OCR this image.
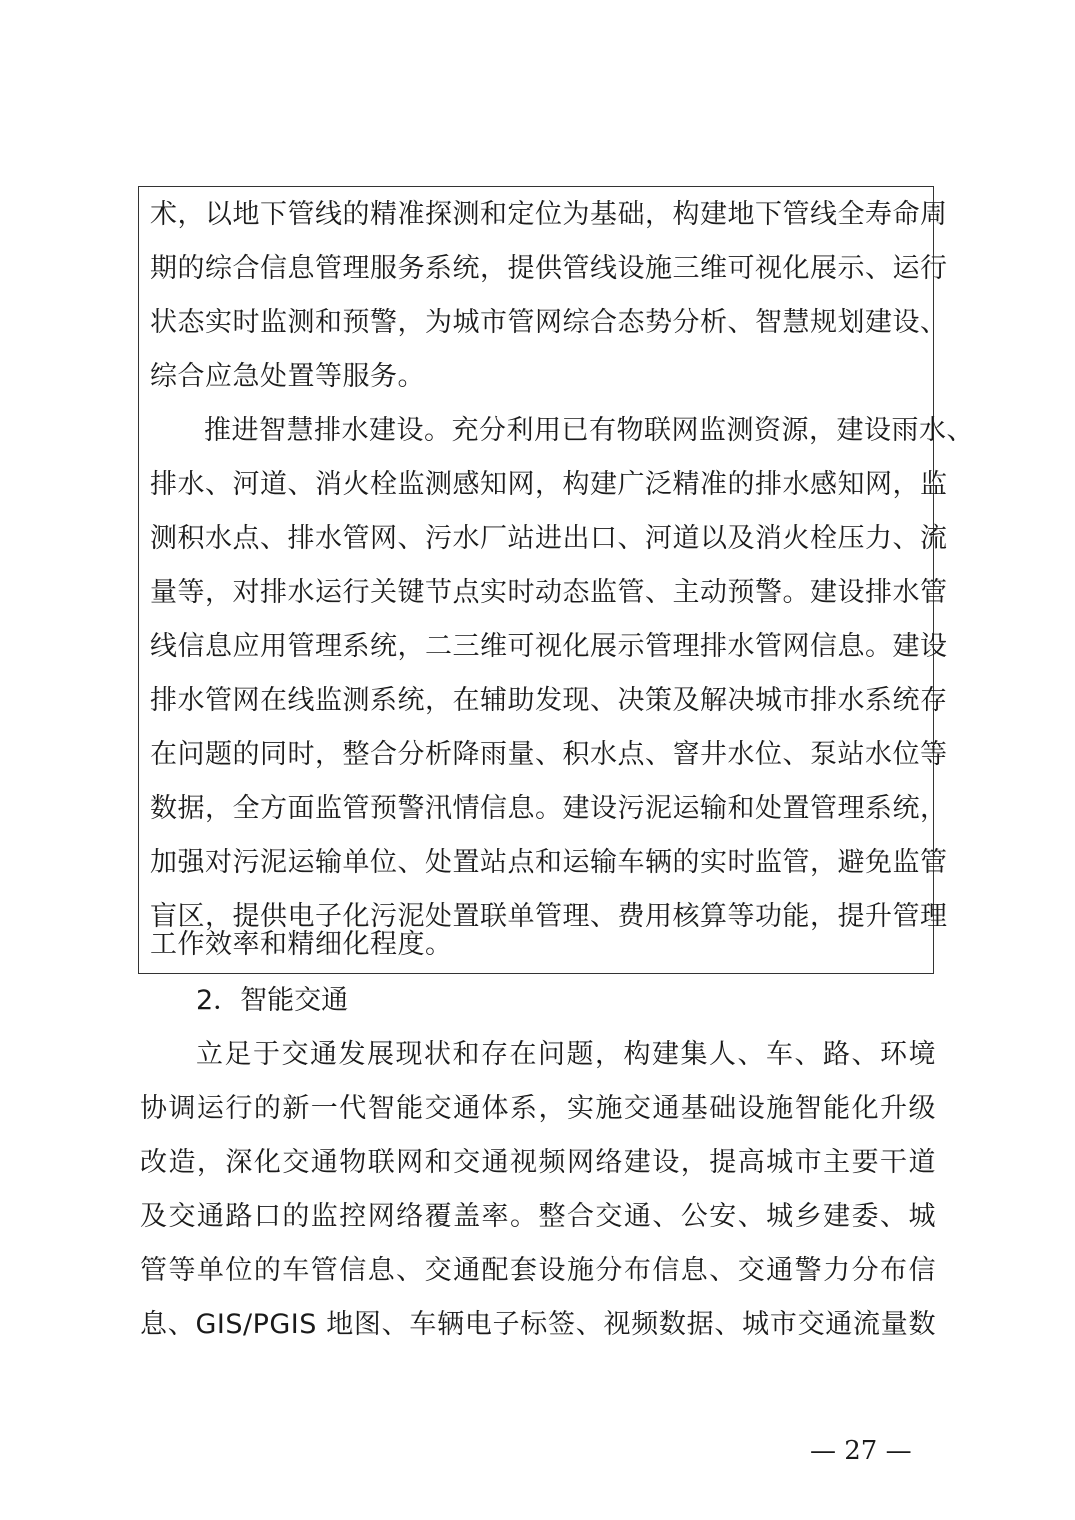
术，以地下管线的精准探测和定位为基础，构建地下管线全寿命周
期的综合信息管理服务系统，提供管线设施三维可视化展示、运行
状态实时监测和预警，为城市管网综合态势分析、智慧规划建设、
综合应急处置等服务。
推进智慧排水建设。充分利用已有物联网监测资源，建设雨水、
排水、河道、消火栓监测感知网，构建广泛精准的排水感知网，监
测积水点、排水管网、污水厂站进出口、河道以及消火栓压力、流
量等，对排水运行关键节点实时动态监管、主动预警。建设排水管
线信息应用管理系统，二三维可视化展示管理排水管网信息。建设
排水管网在线监测系统，在辅助发现、决策及解决城市排水系统存
在问题的同时，整合分析降雨量、积水点、窨井水位、泵站水位等
数据，全方面监管预警汛情信息。建设污泥运输和处置管理系统，
加强对污泥运输单位、处置站点和运输车辆的实时监管，避免监管
盲区，提供电子化污泥处置联单管理、费用核算等功能，提升管理
工作效率和精细化程度。
2．智能交通
立足于交通发展现状和存在问题，构建集人、车、路、环境
协调运行的新一代智能交通体系，实施交通基础设施智能化升级
改造，深化交通物联网和交通视频网络建设，提高城市主要干道
及交通路口的监控网络覆盖率。整合交通、公安、城乡建委、城
管等单位的车管信息、交通配套设施分布信息、交通警力分布信
息、GIS/PGIS 地图、车辆电子标签、视频数据、城市交通流量数
— 27 —
